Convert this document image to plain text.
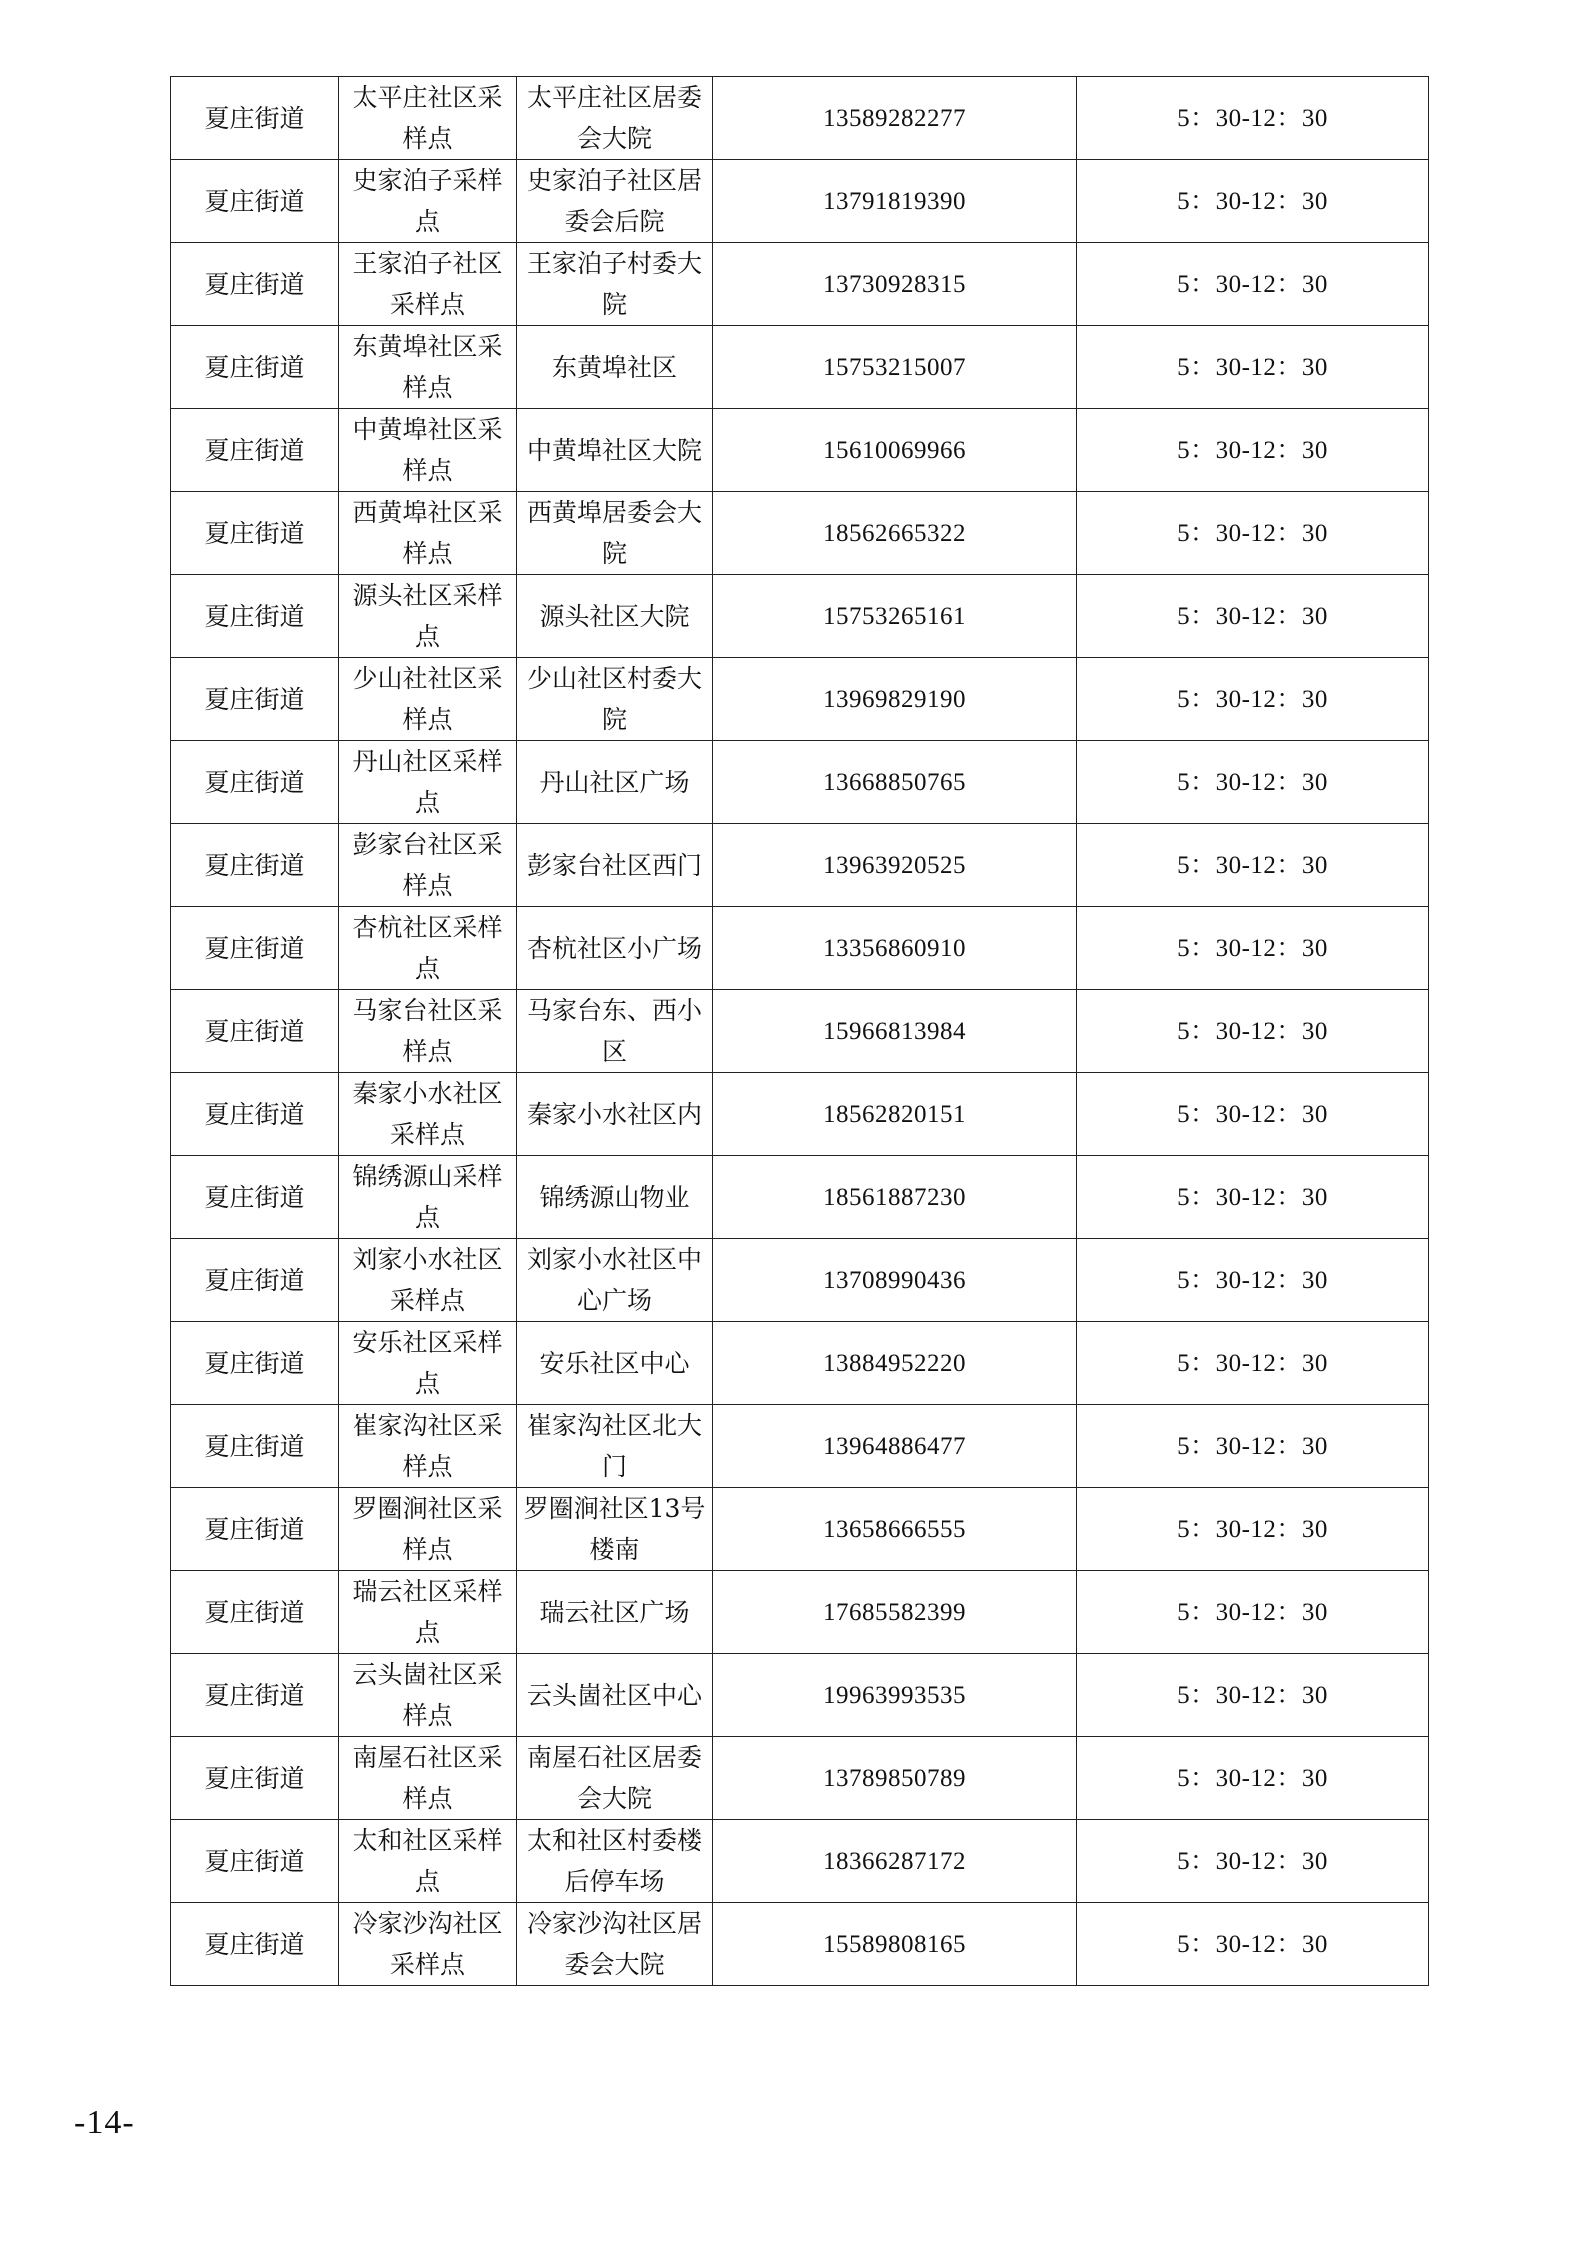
夏庄街道	太平庄社区采样点	太平庄社区居委会大院	13589282277	5：30-12：30
夏庄街道	史家泊子采样点	史家泊子社区居委会后院	13791819390	5：30-12：30
夏庄街道	王家泊子社区采样点	王家泊子村委大院	13730928315	5：30-12：30
夏庄街道	东黄埠社区采样点	东黄埠社区	15753215007	5：30-12：30
夏庄街道	中黄埠社区采样点	中黄埠社区大院	15610069966	5：30-12：30
夏庄街道	西黄埠社区采样点	西黄埠居委会大院	18562665322	5：30-12：30
夏庄街道	源头社区采样点	源头社区大院	15753265161	5：30-12：30
夏庄街道	少山社社区采样点	少山社区村委大院	13969829190	5：30-12：30
夏庄街道	丹山社区采样点	丹山社区广场	13668850765	5：30-12：30
夏庄街道	彭家台社区采样点	彭家台社区西门	13963920525	5：30-12：30
夏庄街道	杏杭社区采样点	杏杭社区小广场	13356860910	5：30-12：30
夏庄街道	马家台社区采样点	马家台东、西小区	15966813984	5：30-12：30
夏庄街道	秦家小水社区采样点	秦家小水社区内	18562820151	5：30-12：30
夏庄街道	锦绣源山采样点	锦绣源山物业	18561887230	5：30-12：30
夏庄街道	刘家小水社区采样点	刘家小水社区中心广场	13708990436	5：30-12：30
夏庄街道	安乐社区采样点	安乐社区中心	13884952220	5：30-12：30
夏庄街道	崔家沟社区采样点	崔家沟社区北大门	13964886477	5：30-12：30
夏庄街道	罗圈涧社区采样点	罗圈涧社区13号楼南	13658666555	5：30-12：30
夏庄街道	瑞云社区采样点	瑞云社区广场	17685582399	5：30-12：30
夏庄街道	云头崮社区采样点	云头崮社区中心	19963993535	5：30-12：30
夏庄街道	南屋石社区采样点	南屋石社区居委会大院	13789850789	5：30-12：30
夏庄街道	太和社区采样点	太和社区村委楼后停车场	18366287172	5：30-12：30
夏庄街道	冷家沙沟社区采样点	冷家沙沟社区居委会大院	15589808165	5：30-12：30
-14-
